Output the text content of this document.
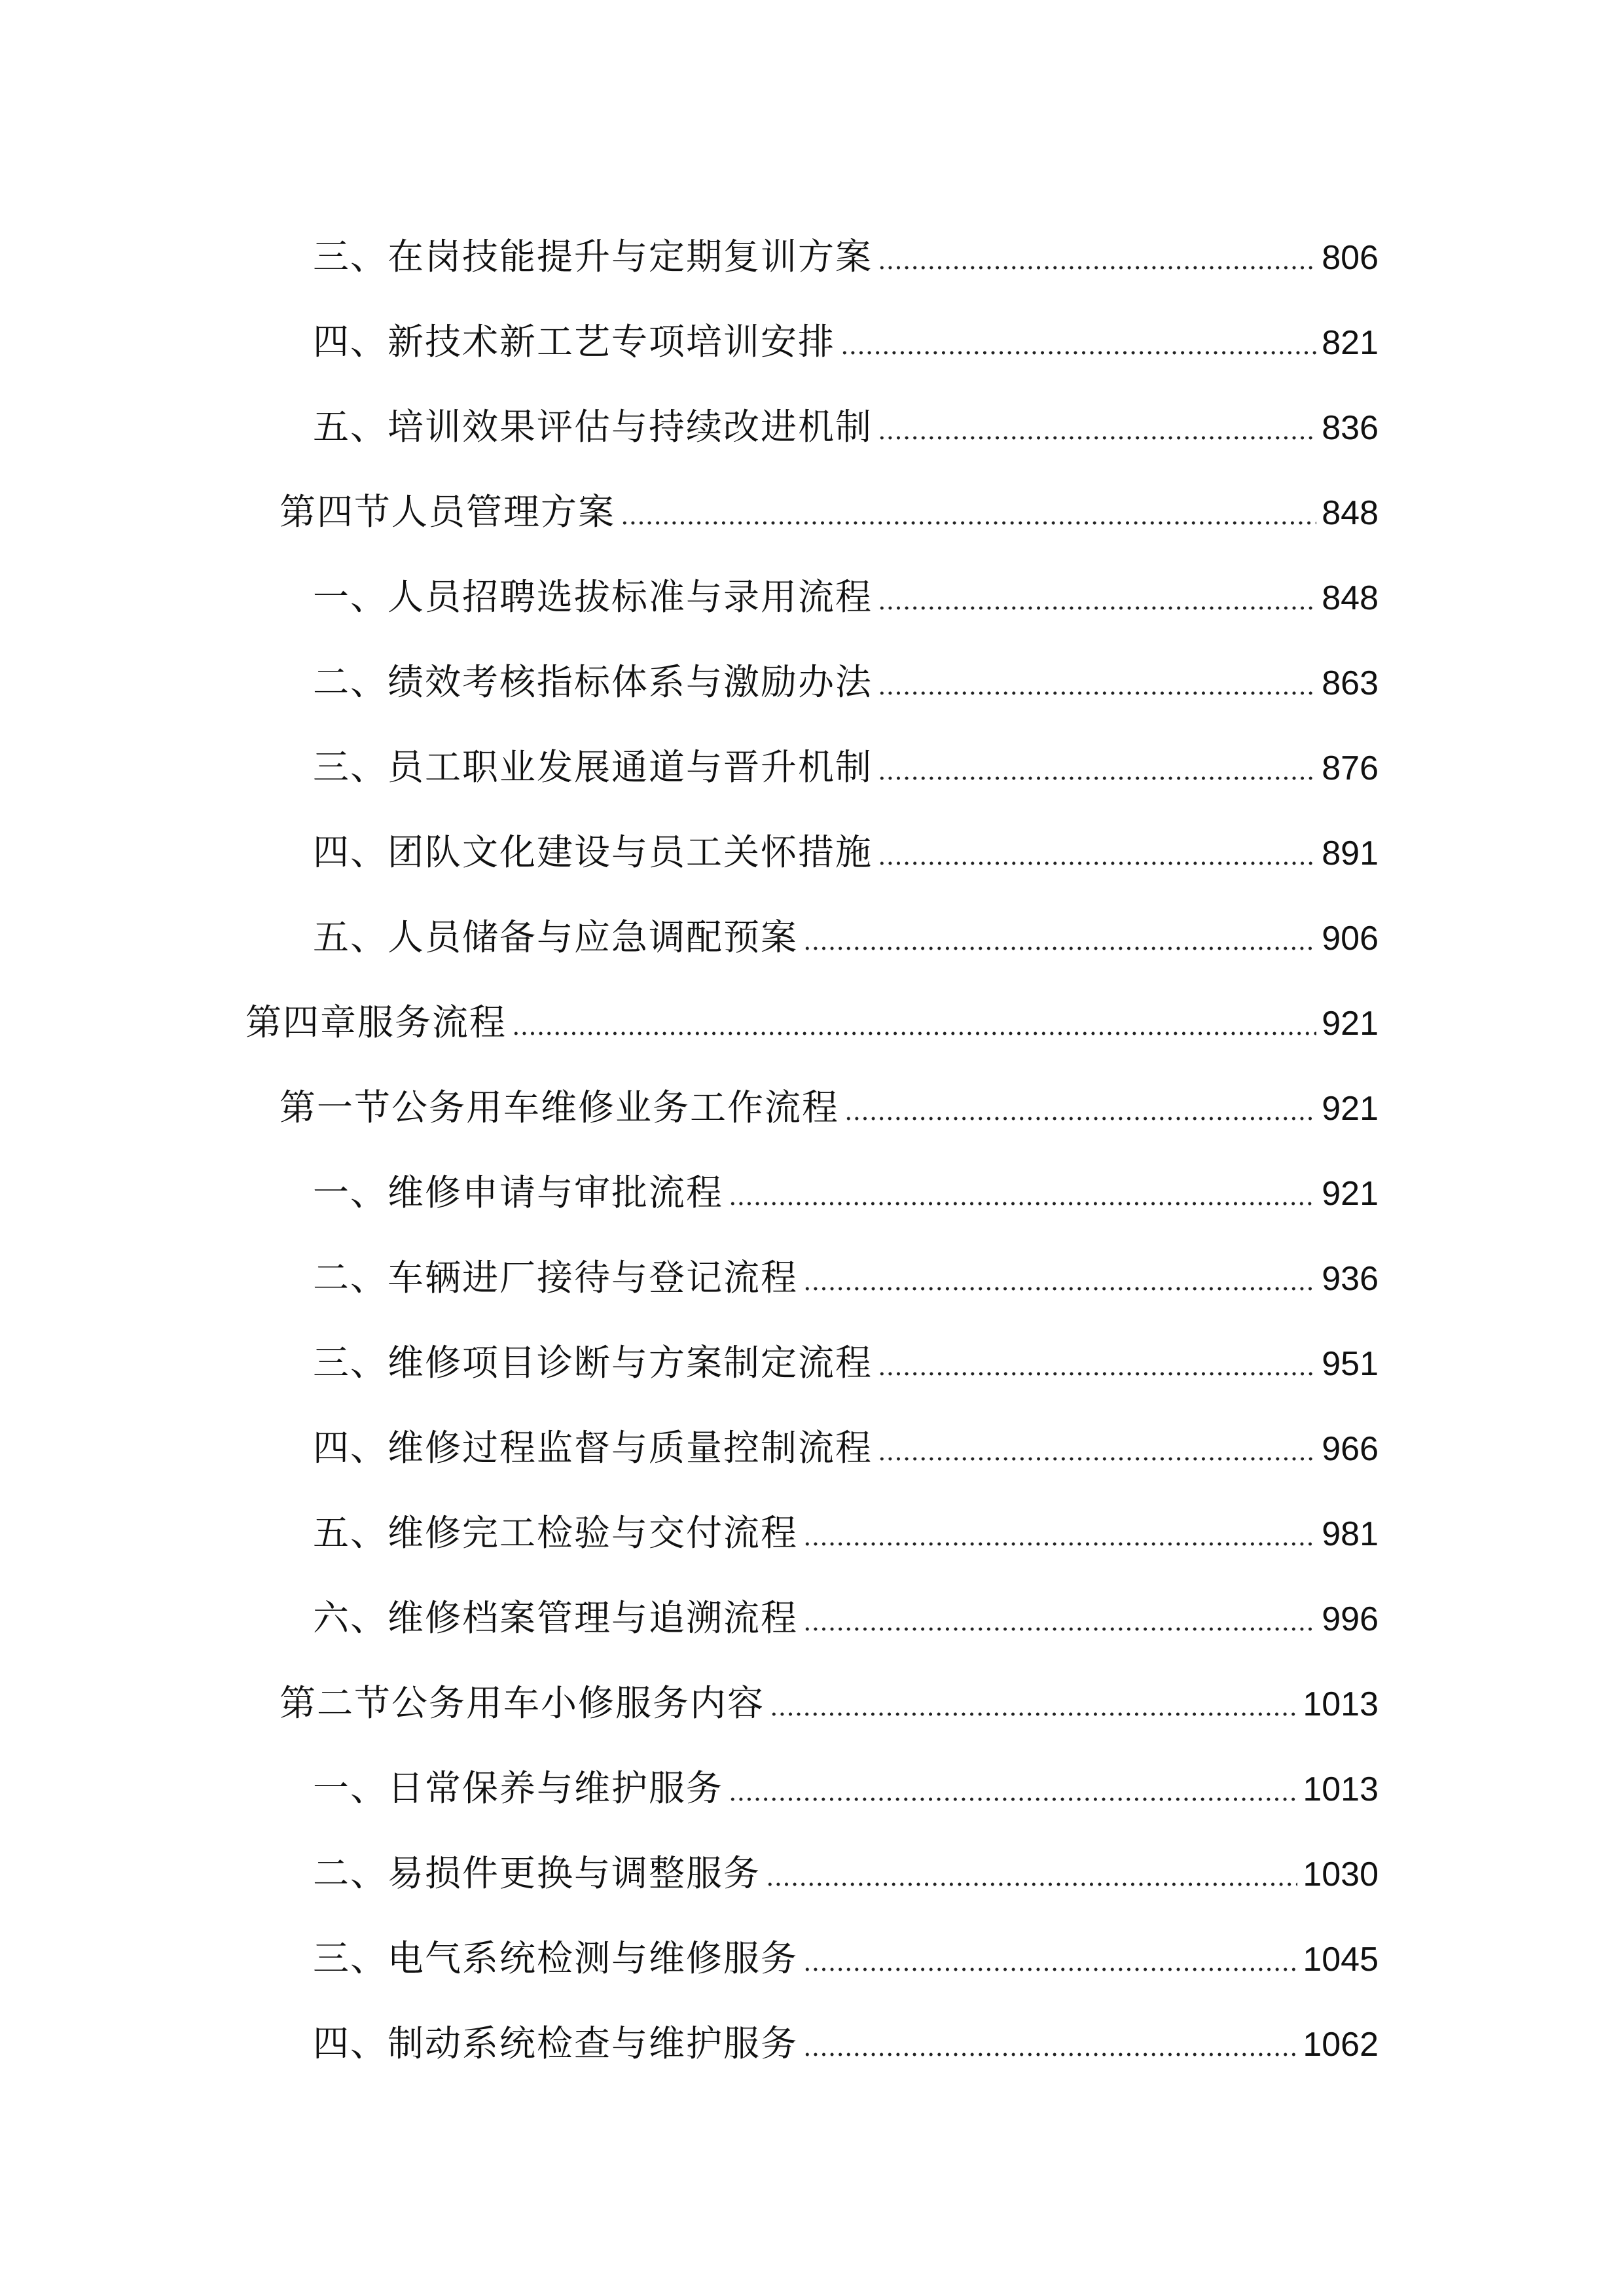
三、在岗技能提升与定期复训方案	806
四、新技术新工艺专项培训安排	821
五、培训效果评估与持续改进机制	836
第四节人员管理方案	848
一、人员招聘选拔标准与录用流程	848
二、绩效考核指标体系与激励办法	863
三、员工职业发展通道与晋升机制	876
四、团队文化建设与员工关怀措施	891
五、人员储备与应急调配预案	906
第四章服务流程	921
第一节公务用车维修业务工作流程	921
一、维修申请与审批流程	921
二、车辆进厂接待与登记流程	936
三、维修项目诊断与方案制定流程	951
四、维修过程监督与质量控制流程	966
五、维修完工检验与交付流程	981
六、维修档案管理与追溯流程	996
第二节公务用车小修服务内容	1013
一、日常保养与维护服务	1013
二、易损件更换与调整服务	1030
三、电气系统检测与维修服务	1045
四、制动系统检查与维护服务	1062
